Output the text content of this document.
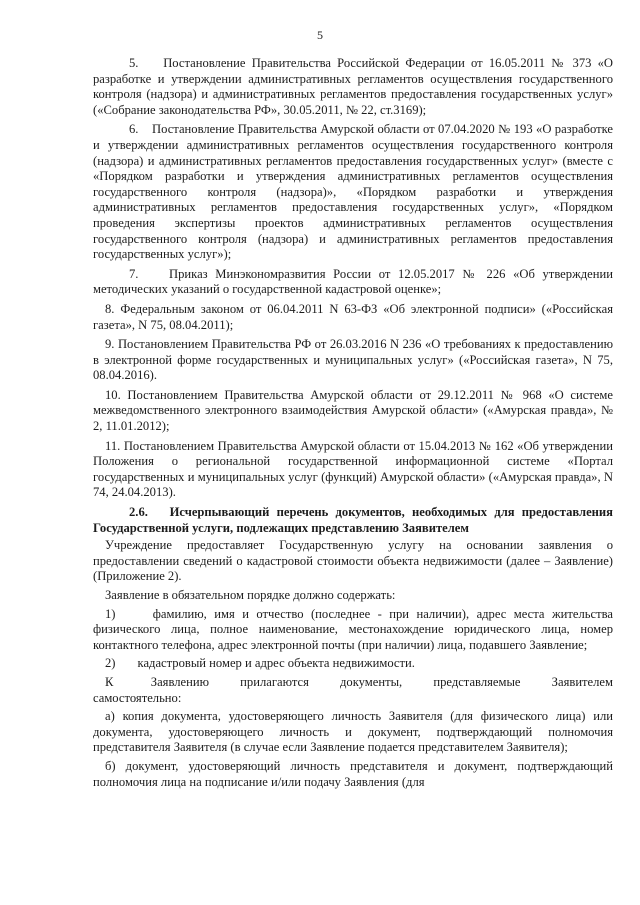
5

5.    Постановление Правительства Российской Федерации от 16.05.2011 № 373 «О разработке и утверждении административных регламентов осуществления государственного контроля (надзора) и административных регламентов предоставления государственных услуг» («Собрание законодательства РФ», 30.05.2011, № 22, ст.3169);

6.    Постановление Правительства Амурской области от 07.04.2020 № 193 «О разработке и утверждении административных регламентов осуществления государственного контроля (надзора) и административных регламентов предоставления государственных услуг» (вместе с «Порядком разработки и утверждения административных регламентов осуществления государственного контроля (надзора)», «Порядком разработки и утверждения административных регламентов предоставления государственных услуг», «Порядком проведения экспертизы проектов административных регламентов осуществления государственного контроля (надзора) и административных регламентов предоставления государственных услуг»);

7.    Приказ Минэкономразвития России от 12.05.2017 № 226 «Об утверждении методических указаний о государственной кадастровой оценке»;

8. Федеральным законом от 06.04.2011 N 63-ФЗ «Об электронной подписи» («Российская газета», N 75, 08.04.2011);

9. Постановлением Правительства РФ от 26.03.2016 N 236 «О требованиях к предоставлению в электронной форме государственных и муниципальных услуг» («Российская газета», N 75, 08.04.2016).

10. Постановлением Правительства Амурской области от 29.12.2011 № 968 «О системе межведомственного электронного взаимодействия Амурской области» («Амурская правда», № 2, 11.01.2012);

11. Постановлением Правительства Амурской области от 15.04.2013 № 162 «Об утверждении Положения о региональной государственной информационной системе «Портал государственных и муниципальных услуг (функций) Амурской области» («Амурская правда», N 74, 24.04.2013).

2.6.   Исчерпывающий перечень документов, необходимых для предоставления Государственной услуги, подлежащих представлению Заявителем

Учреждение предоставляет Государственную услугу на основании заявления о предоставлении сведений о кадастровой стоимости объекта недвижимости (далее – Заявление)(Приложение 2).

Заявление в обязательном порядке должно содержать:

1)     фамилию, имя и отчество (последнее - при наличии), адрес места жительства физического лица, полное наименование, местонахождение юридического лица, номер контактного телефона, адрес электронной почты (при наличии) лица, подавшего Заявление;

2)       кадастровый номер и адрес объекта недвижимости.

К      Заявлению     прилагаются     документы,     представляемые     Заявителем самостоятельно:

а) копия документа, удостоверяющего личность Заявителя (для физического лица) или документа, удостоверяющего личность и документ, подтверждающий полномочия представителя Заявителя (в случае если Заявление подается представителем Заявителя);

б) документ, удостоверяющий личность представителя и документ, подтверждающий полномочия лица на подписание и/или подачу Заявления (для
